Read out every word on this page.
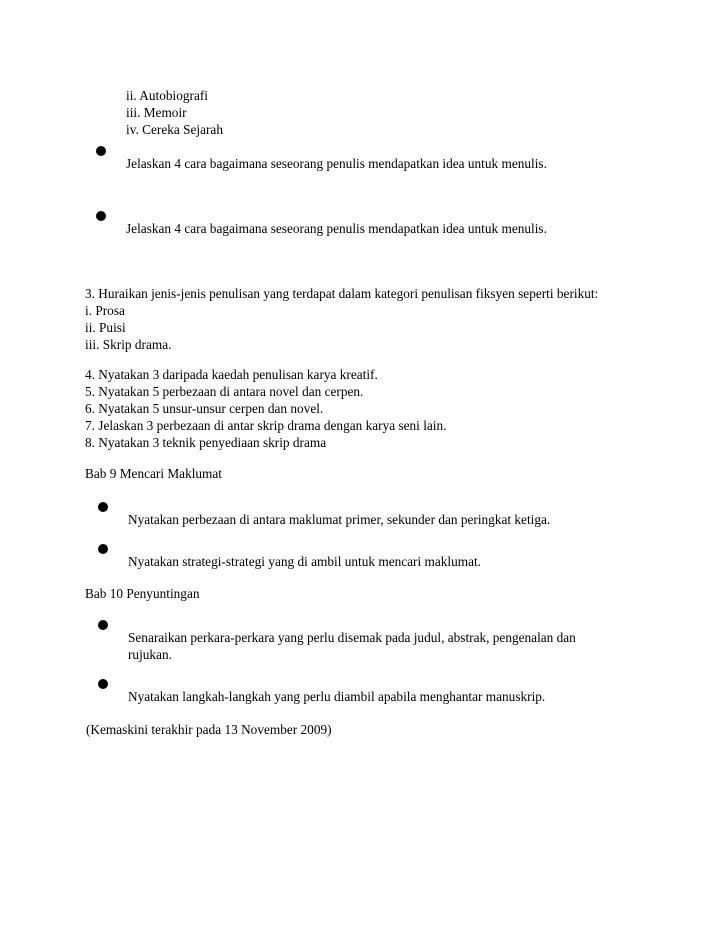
ii. Autobiografi
iii. Memoir
iv. Cereka Sejarah
Jelaskan 4 cara bagaimana seseorang penulis mendapatkan idea untuk menulis.
Jelaskan 4 cara bagaimana seseorang penulis mendapatkan idea untuk menulis.
3. Huraikan jenis-jenis penulisan yang terdapat dalam kategori penulisan fiksyen seperti berikut:
i. Prosa
ii. Puisi
iii. Skrip drama.
4. Nyatakan 3 daripada kaedah penulisan karya kreatif.
5. Nyatakan 5 perbezaan di antara novel dan cerpen.
6. Nyatakan 5 unsur-unsur cerpen dan novel.
7. Jelaskan 3 perbezaan di antar skrip drama dengan karya seni lain.
8. Nyatakan 3 teknik penyediaan skrip drama
Bab 9 Mencari Maklumat
Nyatakan perbezaan di antara maklumat primer, sekunder dan peringkat ketiga.
Nyatakan strategi-strategi yang di ambil untuk mencari maklumat.
Bab 10 Penyuntingan
Senaraikan perkara-perkara yang perlu disemak pada judul, abstrak, pengenalan dan
rujukan.
Nyatakan langkah-langkah yang perlu diambil apabila menghantar manuskrip.
(Kemaskini terakhir pada 13 November 2009)
